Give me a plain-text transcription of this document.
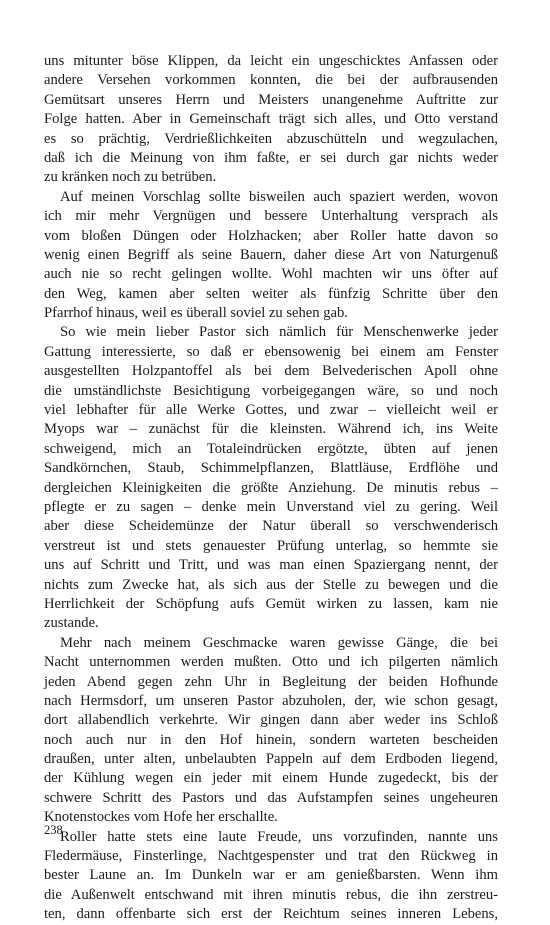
uns mitunter böse Klippen, da leicht ein ungeschicktes Anfassen oder
andere Versehen vorkommen konnten, die bei der aufbrausenden
Gemütsart unseres Herrn und Meisters unangenehme Auftritte zur
Folge hatten. Aber in Gemeinschaft trägt sich alles, und Otto verstand
es so prächtig, Verdrießlichkeiten abzuschütteln und wegzulachen,
daß ich die Meinung von ihm faßte, er sei durch gar nichts weder
zu kränken noch zu betrüben.
Auf meinen Vorschlag sollte bisweilen auch spaziert werden, wovon
ich mir mehr Vergnügen und bessere Unterhaltung versprach als
vom bloßen Düngen oder Holzhacken; aber Roller hatte davon so
wenig einen Begriff als seine Bauern, daher diese Art von Naturgenuß
auch nie so recht gelingen wollte. Wohl machten wir uns öfter auf
den Weg, kamen aber selten weiter als fünfzig Schritte über den
Pfarrhof hinaus, weil es überall soviel zu sehen gab.
So wie mein lieber Pastor sich nämlich für Menschenwerke jeder
Gattung interessierte, so daß er ebensowenig bei einem am Fenster
ausgestellten Holzpantoffel als bei dem Belvederischen Apoll ohne
die umständlichste Besichtigung vorbeigegangen wäre, so und noch
viel lebhafter für alle Werke Gottes, und zwar – vielleicht weil er
Myops war – zunächst für die kleinsten. Während ich, ins Weite
schweigend, mich an Totaleindrücken ergötzte, übten auf jenen
Sandkörnchen, Staub, Schimmelpflanzen, Blattläuse, Erdflöhe und
dergleichen Kleinigkeiten die größte Anziehung. De minutis rebus –
pflegte er zu sagen – denke mein Unverstand viel zu gering. Weil
aber diese Scheidemünze der Natur überall so verschwenderisch
verstreut ist und stets genauester Prüfung unterlag, so hemmte sie
uns auf Schritt und Tritt, und was man einen Spaziergang nennt, der
nichts zum Zwecke hat, als sich aus der Stelle zu bewegen und die
Herrlichkeit der Schöpfung aufs Gemüt wirken zu lassen, kam nie
zustande.
Mehr nach meinem Geschmacke waren gewisse Gänge, die bei
Nacht unternommen werden mußten. Otto und ich pilgerten nämlich
jeden Abend gegen zehn Uhr in Begleitung der beiden Hofhunde
nach Hermsdorf, um unseren Pastor abzuholen, der, wie schon gesagt,
dort allabendlich verkehrte. Wir gingen dann aber weder ins Schloß
noch auch nur in den Hof hinein, sondern warteten bescheiden
draußen, unter alten, unbelaubten Pappeln auf dem Erdboden liegend,
der Kühlung wegen ein jeder mit einem Hunde zugedeckt, bis der
schwere Schritt des Pastors und das Aufstampfen seines ungeheuren
Knotenstockes vom Hofe her erschallte.
Roller hatte stets eine laute Freude, uns vorzufinden, nannte uns
Fledermäuse, Finsterlinge, Nachtgespenster und trat den Rückweg in
bester Laune an. Im Dunkeln war er am genießbarsten. Wenn ihm
die Außenwelt entschwand mit ihren minutis rebus, die ihn zerstreu-
ten, dann offenbarte sich erst der Reichtum seines inneren Lebens,
238
